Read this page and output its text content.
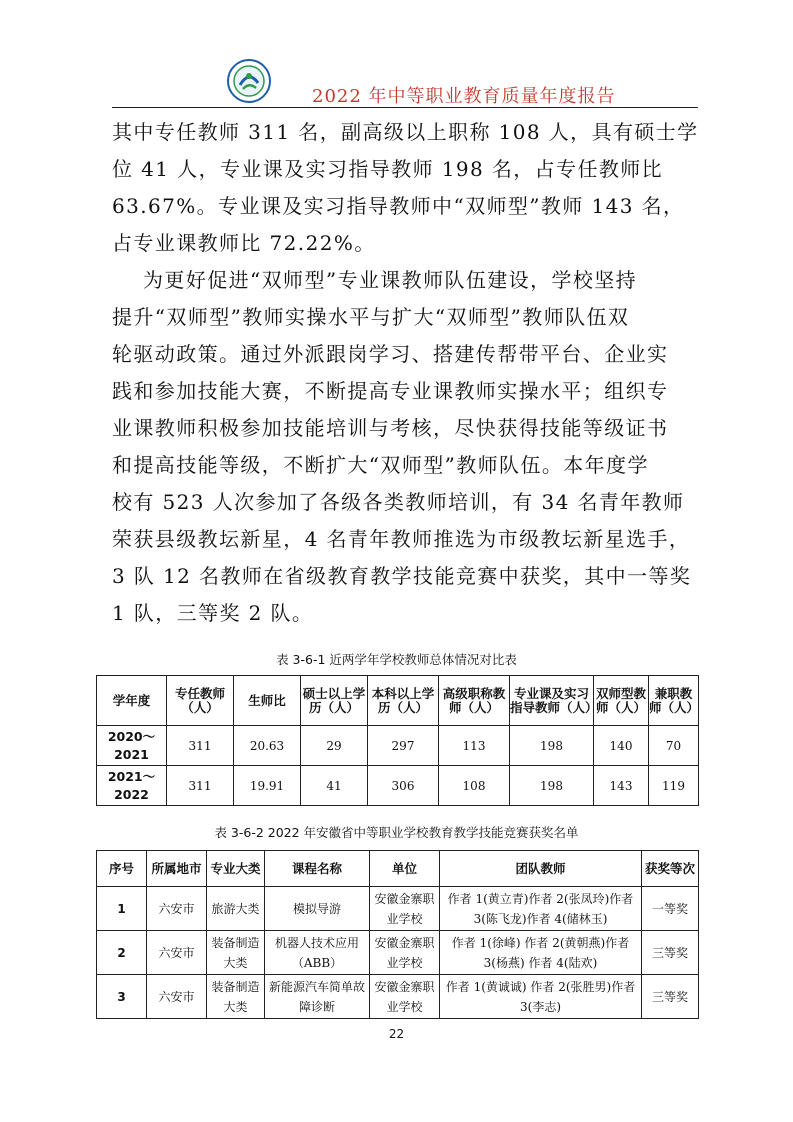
2022 年中等职业教育质量年度报告
其中专任教师 311 名，副高级以上职称 108 人，具有硕士学
位 41 人，专业课及实习指导教师 198 名，占专任教师比
63.67%。专业课及实习指导教师中“双师型”教师 143 名，
占专业课教师比 72.22%。
为更好促进“双师型”专业课教师队伍建设，学校坚持
提升“双师型”教师实操水平与扩大“双师型”教师队伍双
轮驱动政策。通过外派跟岗学习、搭建传帮带平台、企业实
践和参加技能大赛，不断提高专业课教师实操水平；组织专
业课教师积极参加技能培训与考核，尽快获得技能等级证书
和提高技能等级，不断扩大“双师型”教师队伍。本年度学
校有 523 人次参加了各级各类教师培训，有 34 名青年教师
荣获县级教坛新星，4 名青年教师推选为市级教坛新星选手，
3 队 12 名教师在省级教育教学技能竞赛中获奖，其中一等奖
1 队，三等奖 2 队。
表 3-6-1 近两学年学校教师总体情况对比表
学年度	专任教师（人）	生师比	硕士以上学历（人）	本科以上学历（人）	高级职称教师（人）	专业课及实习指导教师（人）	双师型教师（人）	兼职教师（人）
2020～2021	311	20.63	29	297	113	198	140	70
2021～2022	311	19.91	41	306	108	198	143	119
表 3-6-2 2022 年安徽省中等职业学校教育教学技能竞赛获奖名单
序号	所属地市	专业大类	课程名称	单位	团队教师	获奖等次
1	六安市	旅游大类	模拟导游	安徽金寨职业学校	作者 1(黄立青)作者 2(张凤玲)作者 3(陈飞龙)作者 4(储林玉)	一等奖
2	六安市	装备制造大类	机器人技术应用（ABB）	安徽金寨职业学校	作者 1(徐峰) 作者 2(黄朝燕)作者 3(杨燕) 作者 4(陆欢)	三等奖
3	六安市	装备制造大类	新能源汽车简单故障诊断	安徽金寨职业学校	作者 1(黄诚诚) 作者 2(张胜男)作者 3(李志)	三等奖
22
